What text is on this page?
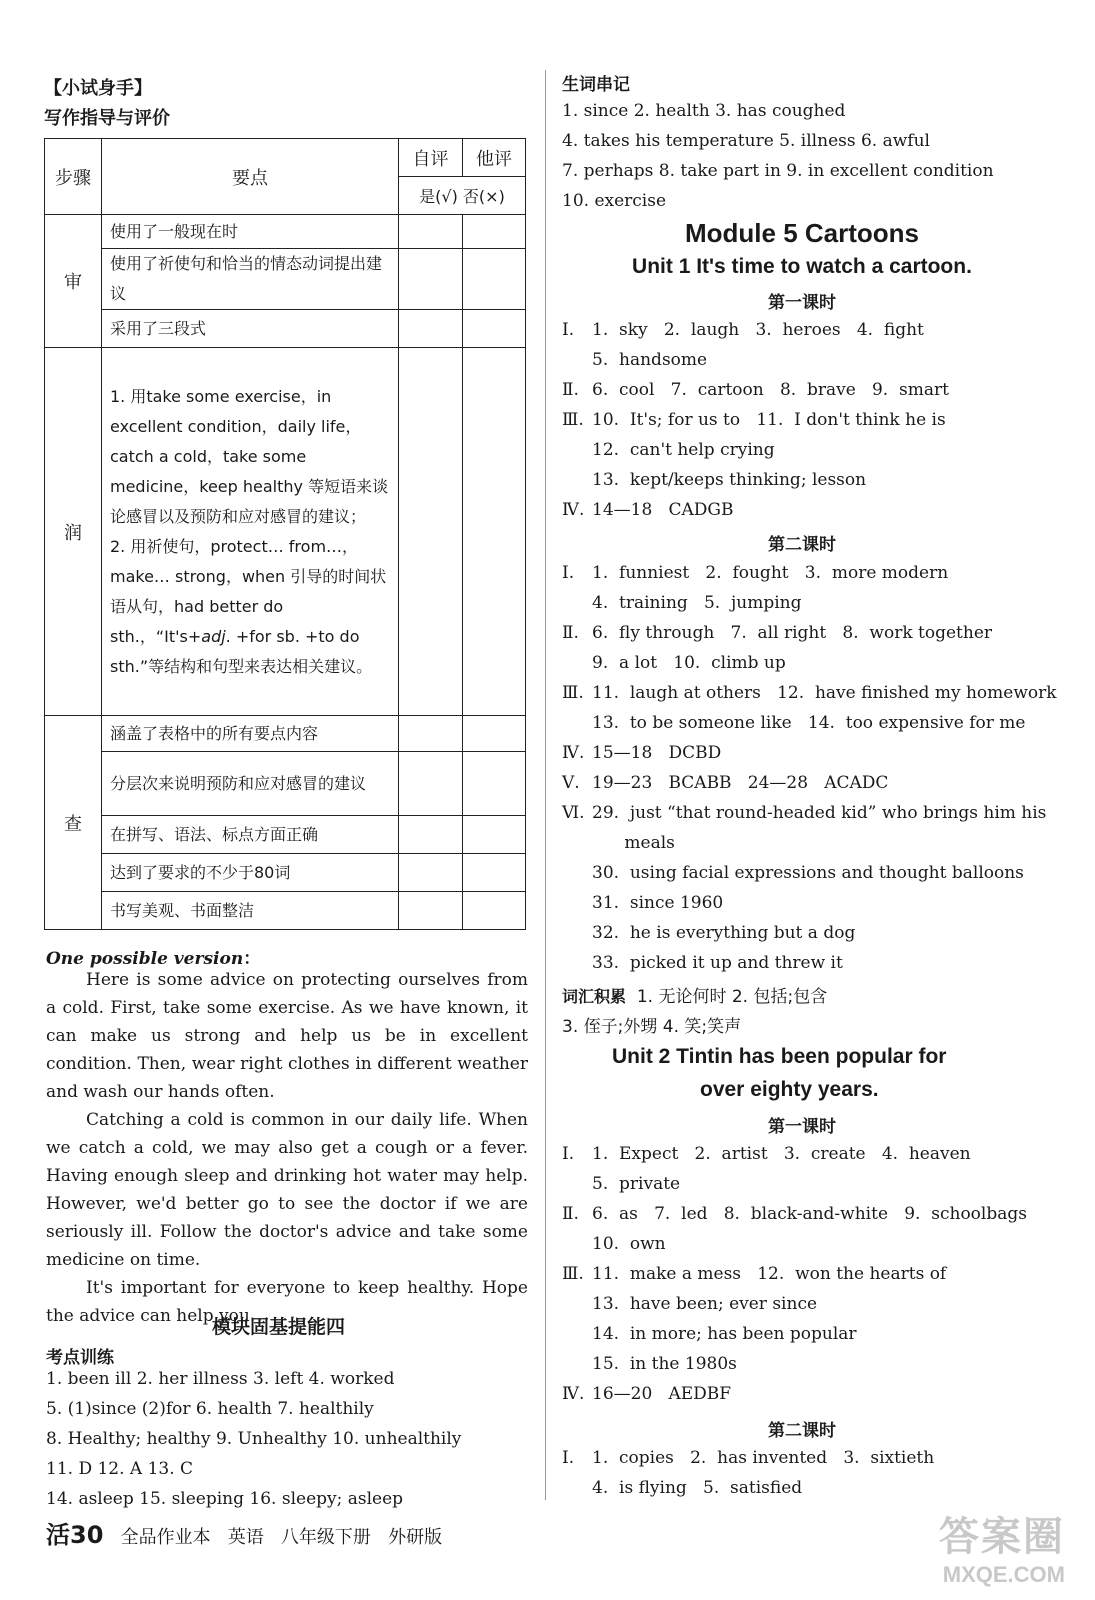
【小试身手】
写作指导与评价
步骤	要点	自评	他评
		是(√) 否(×)	
审	使用了一般现在时		
	使用了祈使句和恰当的情态动词提出建议		
	采用了三段式		
润	1. 用take some exercise，in excellent condition，daily life，catch a cold，take some medicine，keep healthy 等短语来谈论感冒以及预防和应对感冒的建议；
2. 用祈使句，protect… from…，make… strong，when 引导的时间状语从句，had better do sth.，“It's+adj. +for sb. +to do sth.”等结构和句型来表达相关建议。		

查	涵盖了表格中的所有要点内容		
	分层次来说明预防和应对感冒的建议		
	在拼写、语法、标点方面正确		
	达到了要求的不少于80词		
	书写美观、书面整洁		
One possible version：

Here is some advice on protecting ourselves from a cold. First, take some exercise. As we have known, it can make us strong and help us be in excellent condition. Then, wear right clothes in different weather and wash our hands often.

Catching a cold is common in our daily life. When we catch a cold, we may also get a cough or a fever. Having enough sleep and drinking hot water may help. However, we'd better go to see the doctor if we are seriously ill. Follow the doctor's advice and take some medicine on time.

It's important for everyone to keep healthy. Hope the advice can help you.

模块固基提能四
考点训练
1. been ill 2. her illness 3. left 4. worked
5. (1)since (2)for 6. health 7. healthily
8. Healthy; healthy 9. Unhealthy 10. unhealthily
11. D 12. A 13. C
14. asleep 15. sleeping 16. sleepy; asleep
生词串记
1. since 2. health 3. has coughed
4. takes his temperature 5. illness 6. awful
7. perhaps 8. take part in 9. in excellent condition
10. exercise
Module 5 Cartoons
Unit 1 It's time to watch a cartoon.
第一课时
Ⅰ. 1.  sky   2.  laugh   3.  heroes   4.  fight
5.  handsome
Ⅱ. 6.  cool   7.  cartoon   8.  brave   9.  smart
Ⅲ. 10.  It's; for us to   11.  I don't think he is
12.  can't help crying
13.  kept/keeps thinking; lesson
Ⅳ. 14—18   CADGB
第二课时
Ⅰ. 1.  funniest   2.  fought   3.  more modern
4.  training   5.  jumping
Ⅱ. 6.  fly through   7.  all right   8.  work together
9.  a lot   10.  climb up
Ⅲ. 11.  laugh at others   12.  have finished my homework
13.  to be someone like   14.  too expensive for me
Ⅳ. 15—18   DCBD
Ⅴ. 19—23   BCABB   24—28   ACADC
Ⅵ. 29.  just “that round-headed kid” who brings him his
meals
30.  using facial expressions and thought balloons
31.  since 1960
32.  he is everything but a dog
33.  picked it up and threw it
词汇积累 1. 无论何时 2. 包括;包含
3. 侄子;外甥 4. 笑;笑声
Unit 2 Tintin has been popular for
over eighty years.
第一课时
Ⅰ. 1.  Expect   2.  artist   3.  create   4.  heaven
5.  private
Ⅱ. 6.  as   7.  led   8.  black-and-white   9.  schoolbags
10.  own
Ⅲ. 11.  make a mess   12.  won the hearts of
13.  have been; ever since
14.  in more; has been popular
15.  in the 1980s
Ⅳ. 16—20   AEDBF
第二课时
Ⅰ. 1.  copies   2.  has invented   3.  sixtieth
4.  is flying   5.  satisfied
活30 全品作业本 英语 八年级下册 外研版	答案圈
MXQE.COM
